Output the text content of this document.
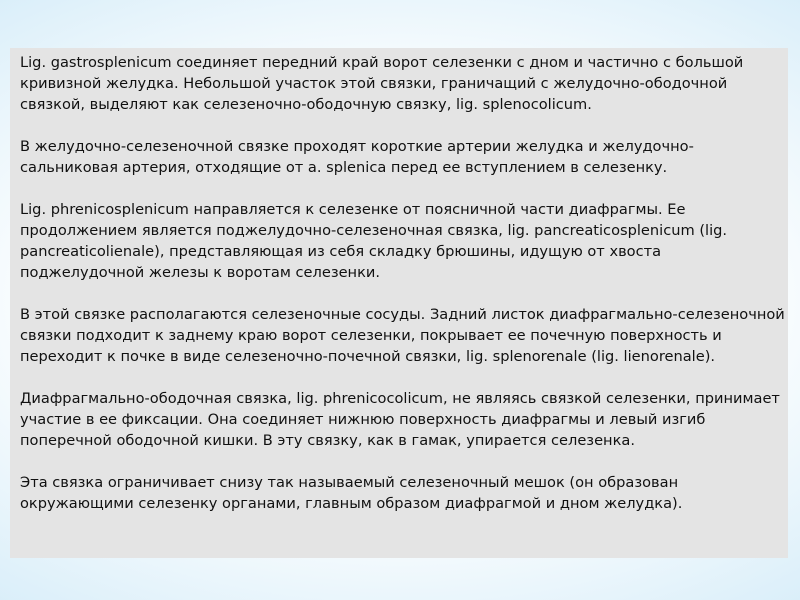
Lig. gastrosplenicum соединяет передний край ворот селезенки с дном и частично с большой кривизной желудка. Небольшой участок этой связки, граничащий с желудочно-ободочной связкой, выделяют как селезеночно-ободочную связку, lig. splenocolicum.

В желудочно-селезеночной связке проходят короткие артерии желудка и желудочно-сальниковая артерия, отходящие от a. splenica перед ее вступлением в селезенку.

Lig. phrenicosplenicum направляется к селезенке от поясничной части диафрагмы. Ее продолжением является поджелудочно-селезеночная связка, lig. pancreaticosplenicum (lig. pancreaticolienale), представляющая из себя складку брюшины, идущую от хвоста поджелудочной железы к воротам селезенки.

В этой связке располагаются селезеночные сосуды. Задний листок диафрагмально-селезеночной связки подходит к заднему краю ворот селезенки, покрывает ее почечную поверхность и переходит к почке в виде селезеночно-почечной связки, lig. splenorenale (lig. lienorenale).

Диафрагмально-ободочная связка, lig. phrenicocolicum, не являясь связкой селезенки, принимает участие в ее фиксации. Она соединяет нижнюю поверхность диафрагмы и левый изгиб поперечной ободочной кишки. В эту связку, как в гамак, упирается селезенка.

Эта связка ограничивает снизу так называемый селезеночный мешок (он образован окружающими селезенку органами, главным образом диафрагмой и дном желудка).
